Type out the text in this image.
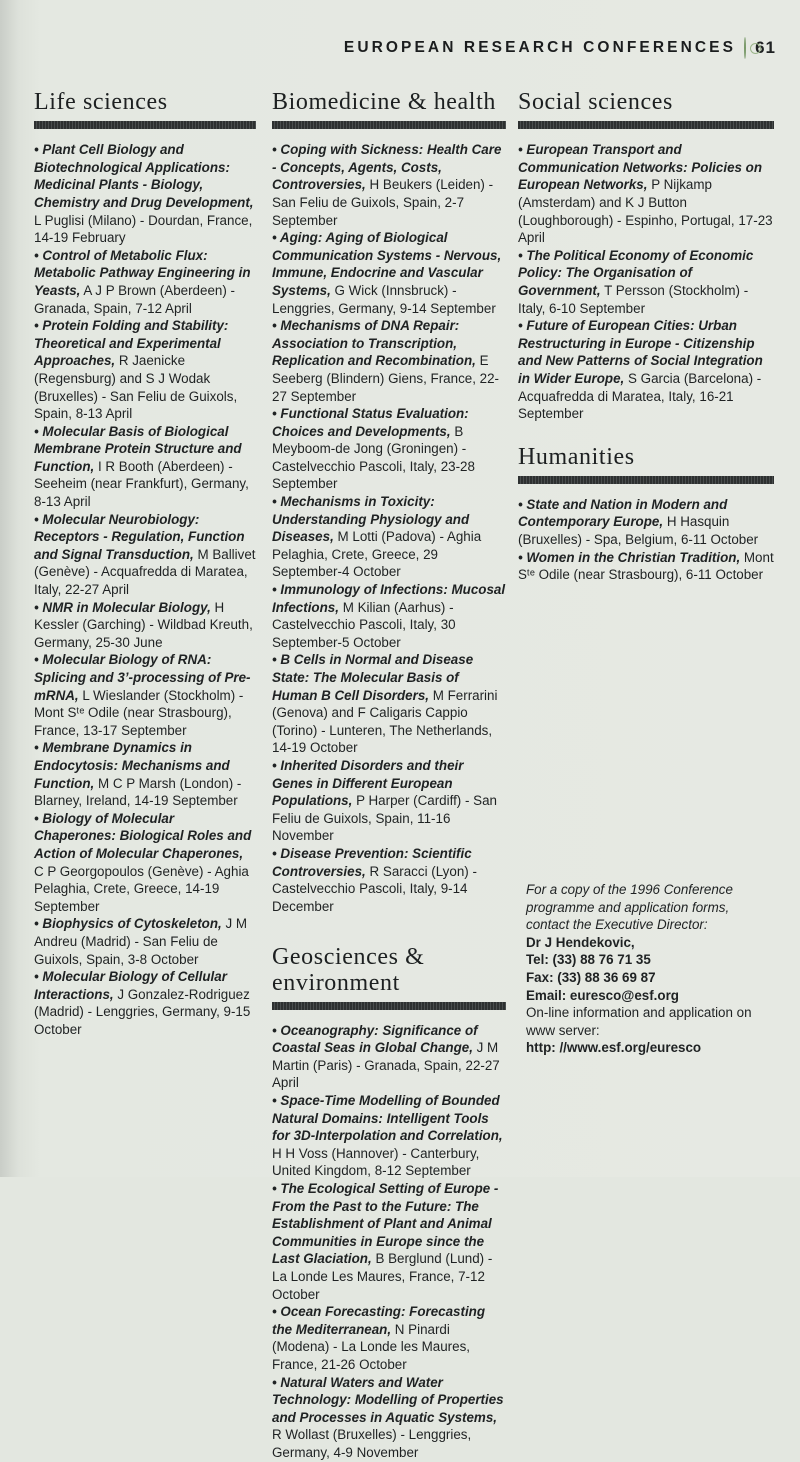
EUROPEAN RESEARCH CONFERENCES 61
Life sciences
• Plant Cell Biology and Biotechnological Applications: Medicinal Plants - Biology, Chemistry and Drug Development, L Puglisi (Milano) - Dourdan, France, 14-19 February
• Control of Metabolic Flux: Metabolic Pathway Engineering in Yeasts, A J P Brown (Aberdeen) - Granada, Spain, 7-12 April
• Protein Folding and Stability: Theoretical and Experimental Approaches, R Jaenicke (Regensburg) and S J Wodak (Bruxelles) - San Feliu de Guixols, Spain, 8-13 April
• Molecular Basis of Biological Membrane Protein Structure and Function, I R Booth (Aberdeen) - Seeheim (near Frankfurt), Germany, 8-13 April
• Molecular Neurobiology: Receptors - Regulation, Function and Signal Transduction, M Ballivet (Genève) - Acquafredda di Maratea, Italy, 22-27 April
• NMR in Molecular Biology, H Kessler (Garching) - Wildbad Kreuth, Germany, 25-30 June
• Molecular Biology of RNA: Splicing and 3’-processing of Pre-mRNA, L Wieslander (Stockholm) - Mont Sᵗᵉ Odile (near Strasbourg), France, 13-17 September
• Membrane Dynamics in Endocytosis: Mechanisms and Function, M C P Marsh (London) - Blarney, Ireland, 14-19 September
• Biology of Molecular Chaperones: Biological Roles and Action of Molecular Chaperones, C P Georgopoulos (Genève) - Aghia Pelaghia, Crete, Greece, 14-19 September
• Biophysics of Cytoskeleton, J M Andreu (Madrid) - San Feliu de Guixols, Spain, 3-8 October
• Molecular Biology of Cellular Interactions, J Gonzalez-Rodriguez (Madrid) - Lenggries, Germany, 9-15 October
Biomedicine & health
• Coping with Sickness: Health Care - Concepts, Agents, Costs, Controversies, H Beukers (Leiden) - San Feliu de Guixols, Spain, 2-7 September
• Aging: Aging of Biological Communication Systems - Nervous, Immune, Endocrine and Vascular Systems, G Wick (Innsbruck) - Lenggries, Germany, 9-14 September
• Mechanisms of DNA Repair: Association to Transcription, Replication and Recombination, E Seeberg (Blindern) Giens, France, 22-27 September
• Functional Status Evaluation: Choices and Developments, B Meyboom-de Jong (Groningen) - Castelvecchio Pascoli, Italy, 23-28 September
• Mechanisms in Toxicity: Understanding Physiology and Diseases, M Lotti (Padova) - Aghia Pelaghia, Crete, Greece, 29 September-4 October
• Immunology of Infections: Mucosal Infections, M Kilian (Aarhus) - Castelvecchio Pascoli, Italy, 30 September-5 October
• B Cells in Normal and Disease State: The Molecular Basis of Human B Cell Disorders, M Ferrarini (Genova) and F Caligaris Cappio (Torino) - Lunteren, The Netherlands, 14-19 October
• Inherited Disorders and their Genes in Different European Populations, P Harper (Cardiff) - San Feliu de Guixols, Spain, 11-16 November
• Disease Prevention: Scientific Controversies, R Saracci (Lyon) - Castelvecchio Pascoli, Italy, 9-14 December
Geosciences & environment
• Oceanography: Significance of Coastal Seas in Global Change, J M Martin (Paris) - Granada, Spain, 22-27 April
• Space-Time Modelling of Bounded Natural Domains: Intelligent Tools for 3D-Interpolation and Correlation, H H Voss (Hannover) - Canterbury, United Kingdom, 8-12 September
• The Ecological Setting of Europe - From the Past to the Future: The Establishment of Plant and Animal Communities in Europe since the Last Glaciation, B Berglund (Lund) - La Londe Les Maures, France, 7-12 October
• Ocean Forecasting: Forecasting the Mediterranean, N Pinardi (Modena) - La Londe les Maures, France, 21-26 October
• Natural Waters and Water Technology: Modelling of Properties and Processes in Aquatic Systems, R Wollast (Bruxelles) - Lenggries, Germany, 4-9 November
Social sciences
• European Transport and Communication Networks: Policies on European Networks, P Nijkamp (Amsterdam) and K J Button (Loughborough) - Espinho, Portugal, 17-23 April
• The Political Economy of Economic Policy: The Organisation of Government, T Persson (Stockholm) - Italy, 6-10 September
• Future of European Cities: Urban Restructuring in Europe - Citizenship and New Patterns of Social Integration in Wider Europe, S Garcia (Barcelona) - Acquafredda di Maratea, Italy, 16-21 September
Humanities
• State and Nation in Modern and Contemporary Europe, H Hasquin (Bruxelles) - Spa, Belgium, 6-11 October
• Women in the Christian Tradition, Mont Sᵗᵉ Odile (near Strasbourg), 6-11 October
For a copy of the 1996 Conference programme and application forms, contact the Executive Director:
Dr J Hendekovic,
Tel: (33) 88 76 71 35
Fax: (33) 88 36 69 87
Email: euresco@esf.org
On-line information and application on www server:
http: //www.esf.org/euresco
